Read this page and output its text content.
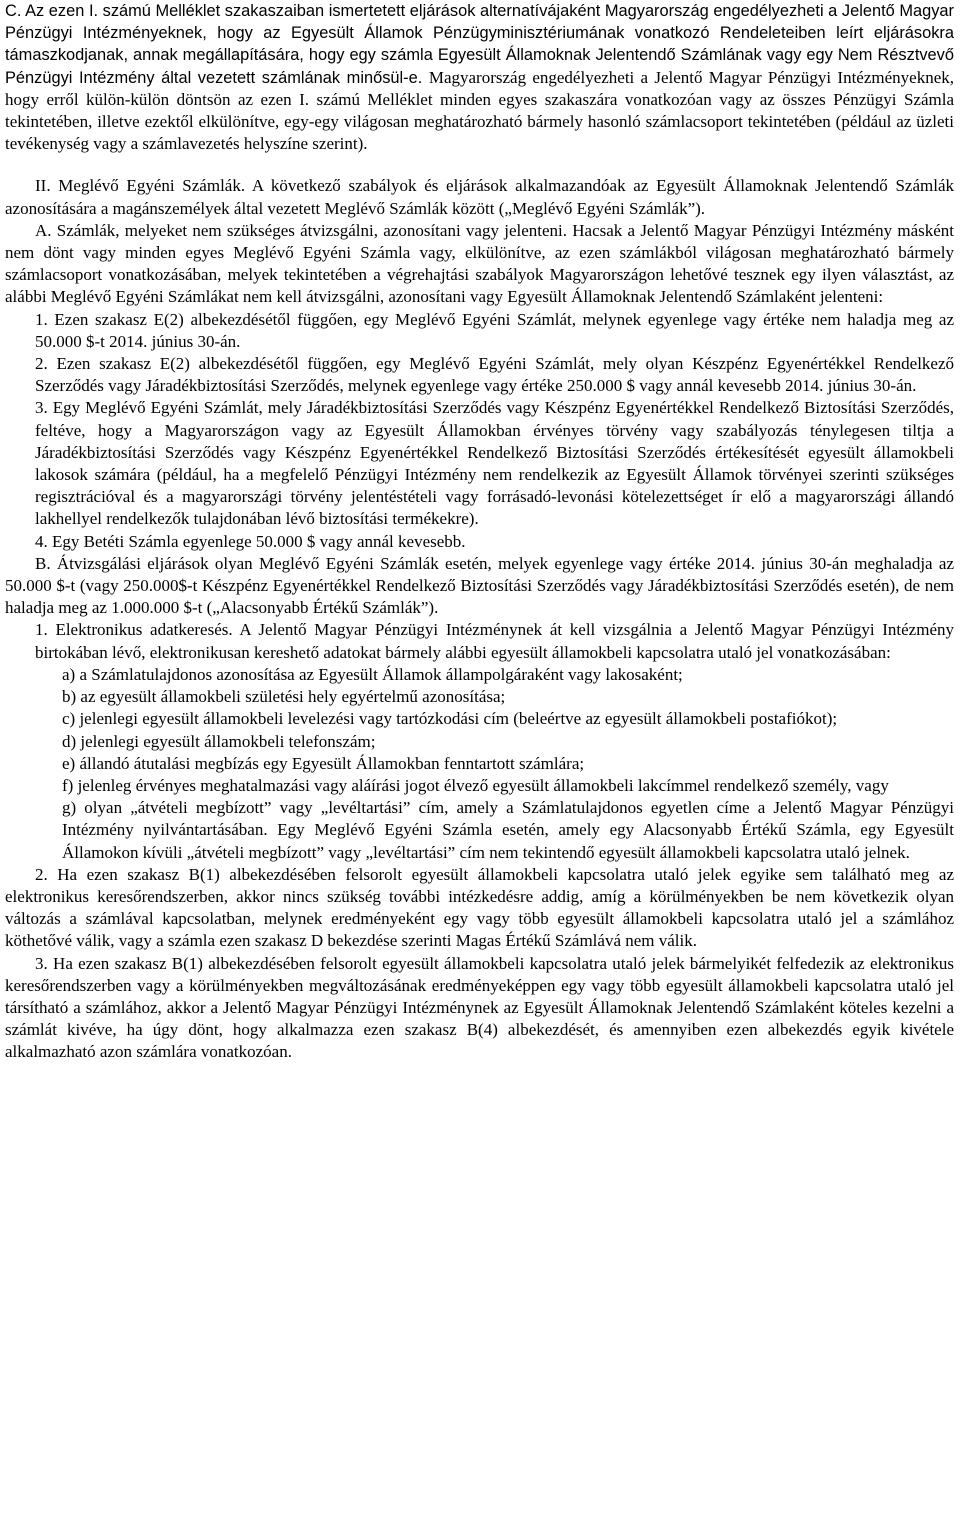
C. Az ezen I. számú Melléklet szakaszaiban ismertetett eljárások alternatívájaként Magyarország engedélyezheti a Jelentő Magyar Pénzügyi Intézményeknek, hogy az Egyesült Államok Pénzügyminisztériumának vonatkozó Rendeleteiben leírt eljárásokra támaszkodjanak, annak megállapítására, hogy egy számla Egyesült Államoknak Jelentendő Számlának vagy egy Nem Résztvevő Pénzügyi Intézmény által vezetett számlának minősül-e. Magyarország engedélyezheti a Jelentő Magyar Pénzügyi Intézményeknek, hogy erről külön-külön döntsön az ezen I. számú Melléklet minden egyes szakaszára vonatkozóan vagy az összes Pénzügyi Számla tekintetében, illetve ezektől elkülönítve, egy-egy világosan meghatározható bármely hasonló számlacsoport tekintetében (például az üzleti tevékenység vagy a számlavezetés helyszíne szerint).

II. Meglévő Egyéni Számlák. A következő szabályok és eljárások alkalmazandóak az Egyesült Államoknak Jelentendő Számlák azonosítására a magánszemélyek által vezetett Meglévő Számlák között („Meglévő Egyéni Számlák”).

A. Számlák, melyeket nem szükséges átvizsgálni, azonosítani vagy jelenteni. Hacsak a Jelentő Magyar Pénzügyi Intézmény másként nem dönt vagy minden egyes Meglévő Egyéni Számla vagy, elkülönítve, az ezen számlákból világosan meghatározható bármely számlacsoport vonatkozásában, melyek tekintetében a végrehajtási szabályok Magyarországon lehetővé tesznek egy ilyen választást, az alábbi Meglévő Egyéni Számlákat nem kell átvizsgálni, azonosítani vagy Egyesült Államoknak Jelentendő Számlaként jelenteni:

1. Ezen szakasz E(2) albekezdésétől függően, egy Meglévő Egyéni Számlát, melynek egyenlege vagy értéke nem haladja meg az 50.000 $-t 2014. június 30-án.

2. Ezen szakasz E(2) albekezdésétől függően, egy Meglévő Egyéni Számlát, mely olyan Készpénz Egyenértékkel Rendelkező Szerződés vagy Járadékbiztosítási Szerződés, melynek egyenlege vagy értéke 250.000 $ vagy annál kevesebb 2014. június 30-án.

3. Egy Meglévő Egyéni Számlát, mely Járadékbiztosítási Szerződés vagy Készpénz Egyenértékkel Rendelkező Biztosítási Szerződés, feltéve, hogy a Magyarországon vagy az Egyesült Államokban érvényes törvény vagy szabályozás ténylegesen tiltja a Járadékbiztosítási Szerződés vagy Készpénz Egyenértékkel Rendelkező Biztosítási Szerződés értékesítését egyesült államokbeli lakosok számára (például, ha a megfelelő Pénzügyi Intézmény nem rendelkezik az Egyesült Államok törvényei szerinti szükséges regisztrációval és a magyarországi törvény jelentéstételi vagy forrásadó-levonási kötelezettséget ír elő a magyarországi állandó lakhellyel rendelkezők tulajdonában lévő biztosítási termékekre).

4. Egy Betéti Számla egyenlege 50.000 $ vagy annál kevesebb.

B. Átvizsgálási eljárások olyan Meglévő Egyéni Számlák esetén, melyek egyenlege vagy értéke 2014. június 30-án meghaladja az 50.000 $-t (vagy 250.000$-t Készpénz Egyenértékkel Rendelkező Biztosítási Szerződés vagy Járadékbiztosítási Szerződés esetén), de nem haladja meg az 1.000.000 $-t („Alacsonyabb Értékű Számlák”).

1. Elektronikus adatkeresés. A Jelentő Magyar Pénzügyi Intézménynek át kell vizsgálnia a Jelentő Magyar Pénzügyi Intézmény birtokában lévő, elektronikusan kereshető adatokat bármely alábbi egyesült államokbeli kapcsolatra utaló jel vonatkozásában:

a) a Számlatulajdonos azonosítása az Egyesült Államok állampolgáraként vagy lakosaként;

b) az egyesült államokbeli születési hely egyértelmű azonosítása;

c) jelenlegi egyesült államokbeli levelezési vagy tartózkodási cím (beleértve az egyesült államokbeli postafiókot);

d) jelenlegi egyesült államokbeli telefonszám;

e) állandó átutalási megbízás egy Egyesült Államokban fenntartott számlára;

f) jelenleg érvényes meghatalmazási vagy aláírási jogot élvező egyesült államokbeli lakcímmel rendelkező személy, vagy

g) olyan „átvételi megbízott” vagy „levéltartási” cím, amely a Számlatulajdonos egyetlen címe a Jelentő Magyar Pénzügyi Intézmény nyilvántartásában. Egy Meglévő Egyéni Számla esetén, amely egy Alacsonyabb Értékű Számla, egy Egyesült Államokon kívüli „átvételi megbízott” vagy „levéltartási” cím nem tekintendő egyesült államokbeli kapcsolatra utaló jelnek.

2. Ha ezen szakasz B(1) albekezdésében felsorolt egyesült államokbeli kapcsolatra utaló jelek egyike sem található meg az elektronikus keresőrendszerben, akkor nincs szükség további intézkedésre addig, amíg a körülményekben be nem következik olyan változás a számlával kapcsolatban, melynek eredményeként egy vagy több egyesült államokbeli kapcsolatra utaló jel a számlához köthetővé válik, vagy a számla ezen szakasz D bekezdése szerinti Magas Értékű Számlává nem válik.

3. Ha ezen szakasz B(1) albekezdésében felsorolt egyesült államokbeli kapcsolatra utaló jelek bármelyikét felfedezik az elektronikus keresőrendszerben vagy a körülményekben megváltozásának eredményeképpen egy vagy több egyesült államokbeli kapcsolatra utaló jel társítható a számlához, akkor a Jelentő Magyar Pénzügyi Intézménynek az Egyesült Államoknak Jelentendő Számlaként köteles kezelni a számlát kivéve, ha úgy dönt, hogy alkalmazza ezen szakasz B(4) albekezdését, és amennyiben ezen albekezdés egyik kivétele alkalmazható azon számlára vonatkozóan.
